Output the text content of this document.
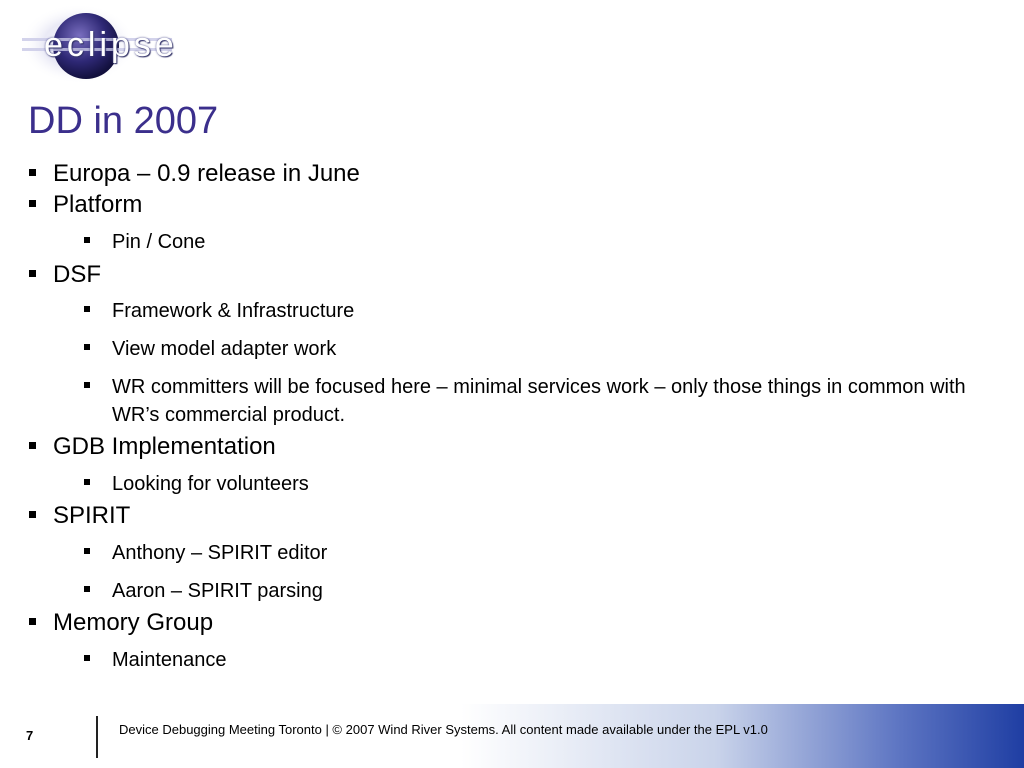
eclipse
DD in 2007
Europa – 0.9 release in June
Platform
Pin / Cone
DSF
Framework & Infrastructure
View model adapter work
WR committers will be focused here – minimal services work – only those things in common with WR’s commercial product.
GDB Implementation
Looking for volunteers
SPIRIT
Anthony – SPIRIT editor
Aaron – SPIRIT parsing
Memory Group
Maintenance
7	Device Debugging Meeting Toronto | © 2007 Wind River Systems. All content made available under the EPL v1.0
